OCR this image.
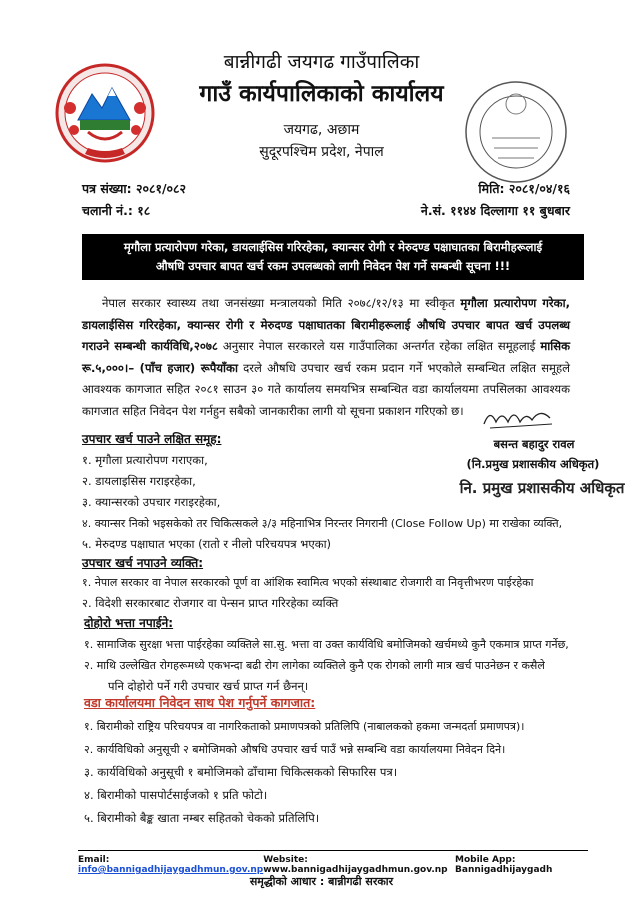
बान्नीगढी जयगढ गाउँपालिका
गाउँ कार्यपालिकाको कार्यालय
जयगढ, अछाम
सुदूरपश्चिम प्रदेश, नेपाल
पत्र संख्या: २०८१/०८२
चलानी नं.: १८
मिति: २०८१/०४/१६
ने.सं. ११४४ दिल्लागा ११ बुधबार
मृगौला प्रत्यारोपण गरेका, डायलाईसिस गरिरहेका, क्यान्सर रोगी र मेरुदण्ड पक्षाघातका बिरामीहरूलाई
औषधि उपचार बापत खर्च रकम उपलब्धको लागी निवेदन पेश गर्ने सम्बन्धी सूचना !!!
नेपाल सरकार स्वास्थ्य तथा जनसंख्या मन्त्रालयको मिति २०७८/१२/१३ मा स्वीकृत मृगौला प्रत्यारोपण गरेका, डायलाईसिस गरिरहेका, क्यान्सर रोगी र मेरुदण्ड पक्षाघातका बिरामीहरूलाई औषधि उपचार बापत खर्च उपलब्ध गराउने सम्बन्धी कार्यविधि,२०७८ अनुसार नेपाल सरकारले यस गाउँपालिका अन्तर्गत रहेका लक्षित समूहलाई मासिक रू.५,०००।– (पाँच हजार) रूपैयाँका दरले औषधि उपचार खर्च रकम प्रदान गर्ने भएकोले सम्बन्धित लक्षित समूहले आवश्यक कागजात सहित २०८१ साउन ३० गते कार्यालय समयभित्र सम्बन्धित वडा कार्यालयमा तपसिलका आवश्यक कागजात सहित निवेदन पेश गर्नहुन सबैको जानकारीका लागी यो सूचना प्रकाशन गरिएको छ।
बसन्त बहादुर रावल
(नि.प्रमुख प्रशासकीय अधिकृत)
नि. प्रमुख प्रशासकीय अधिकृत
उपचार खर्च पाउने लक्षित समूह:
१. मृगौला प्रत्यारोपण गराएका,
२. डायलाइसिस गराइरहेका,
३. क्यान्सरको उपचार गराइरहेका,
४. क्यान्सर निको भइसकेको तर चिकित्सकले ३/३ महिनाभित्र निरन्तर निगरानी (Close Follow Up) मा राखेका व्यक्ति,
५. मेरुदण्ड पक्षाघात भएका (रातो र नीलो परिचयपत्र भएका)
उपचार खर्च नपाउने व्यक्ति:
१. नेपाल सरकार वा नेपाल सरकारको पूर्ण वा आंशिक स्वामित्व भएको संस्थाबाट रोजगारी वा निवृत्तीभरण पाईरहेका
२. विदेशी सरकारबाट रोजगार वा पेन्सन प्राप्त गरिरहेका व्यक्ति
दोहोरो भत्ता नपाईने:
१. सामाजिक सुरक्षा भत्ता पाईरहेका व्यक्तिले सा.सु. भत्ता वा उक्त कार्यविधि बमोजिमको खर्चमध्ये कुनै एकमात्र प्राप्त गर्नेछ,
२. माथि उल्लेखित रोगहरूमध्ये एकभन्दा बढी रोग लागेका व्यक्तिले कुनै एक रोगको लागी मात्र खर्च पाउनेछन र कसैले
पनि दोहोरो पर्ने गरी उपचार खर्च प्राप्त गर्न छैनन्।
वडा कार्यालयमा निवेदन साथ पेश गर्नुपर्ने कागजात:
१. बिरामीको राष्ट्रिय परिचयपत्र वा नागरिकताको प्रमाणपत्रको प्रतिलिपि (नाबालकको हकमा जन्मदर्ता प्रमाणपत्र)।
२. कार्यविधिको अनुसूची २ बमोजिमको औषधि उपचार खर्च पाउँ भन्ने सम्बन्धि वडा कार्यालयमा निवेदन दिने।
३. कार्यविधिको अनुसूची १ बमोजिमको ढाँचामा चिकित्सकको सिफारिस पत्र।
४. बिरामीको पासपोर्टसाईजको १ प्रति फोटो।
५. बिरामीको बैङ्क खाता नम्बर सहितको चेकको प्रतिलिपि।
Email: info@bannigadhijaygadhmun.gov.np
Website: www.bannigadhijaygadhmun.gov.np
Mobile App: Bannigadhijaygadh
समृद्धीको आधार : बान्नीगढी सरकार
